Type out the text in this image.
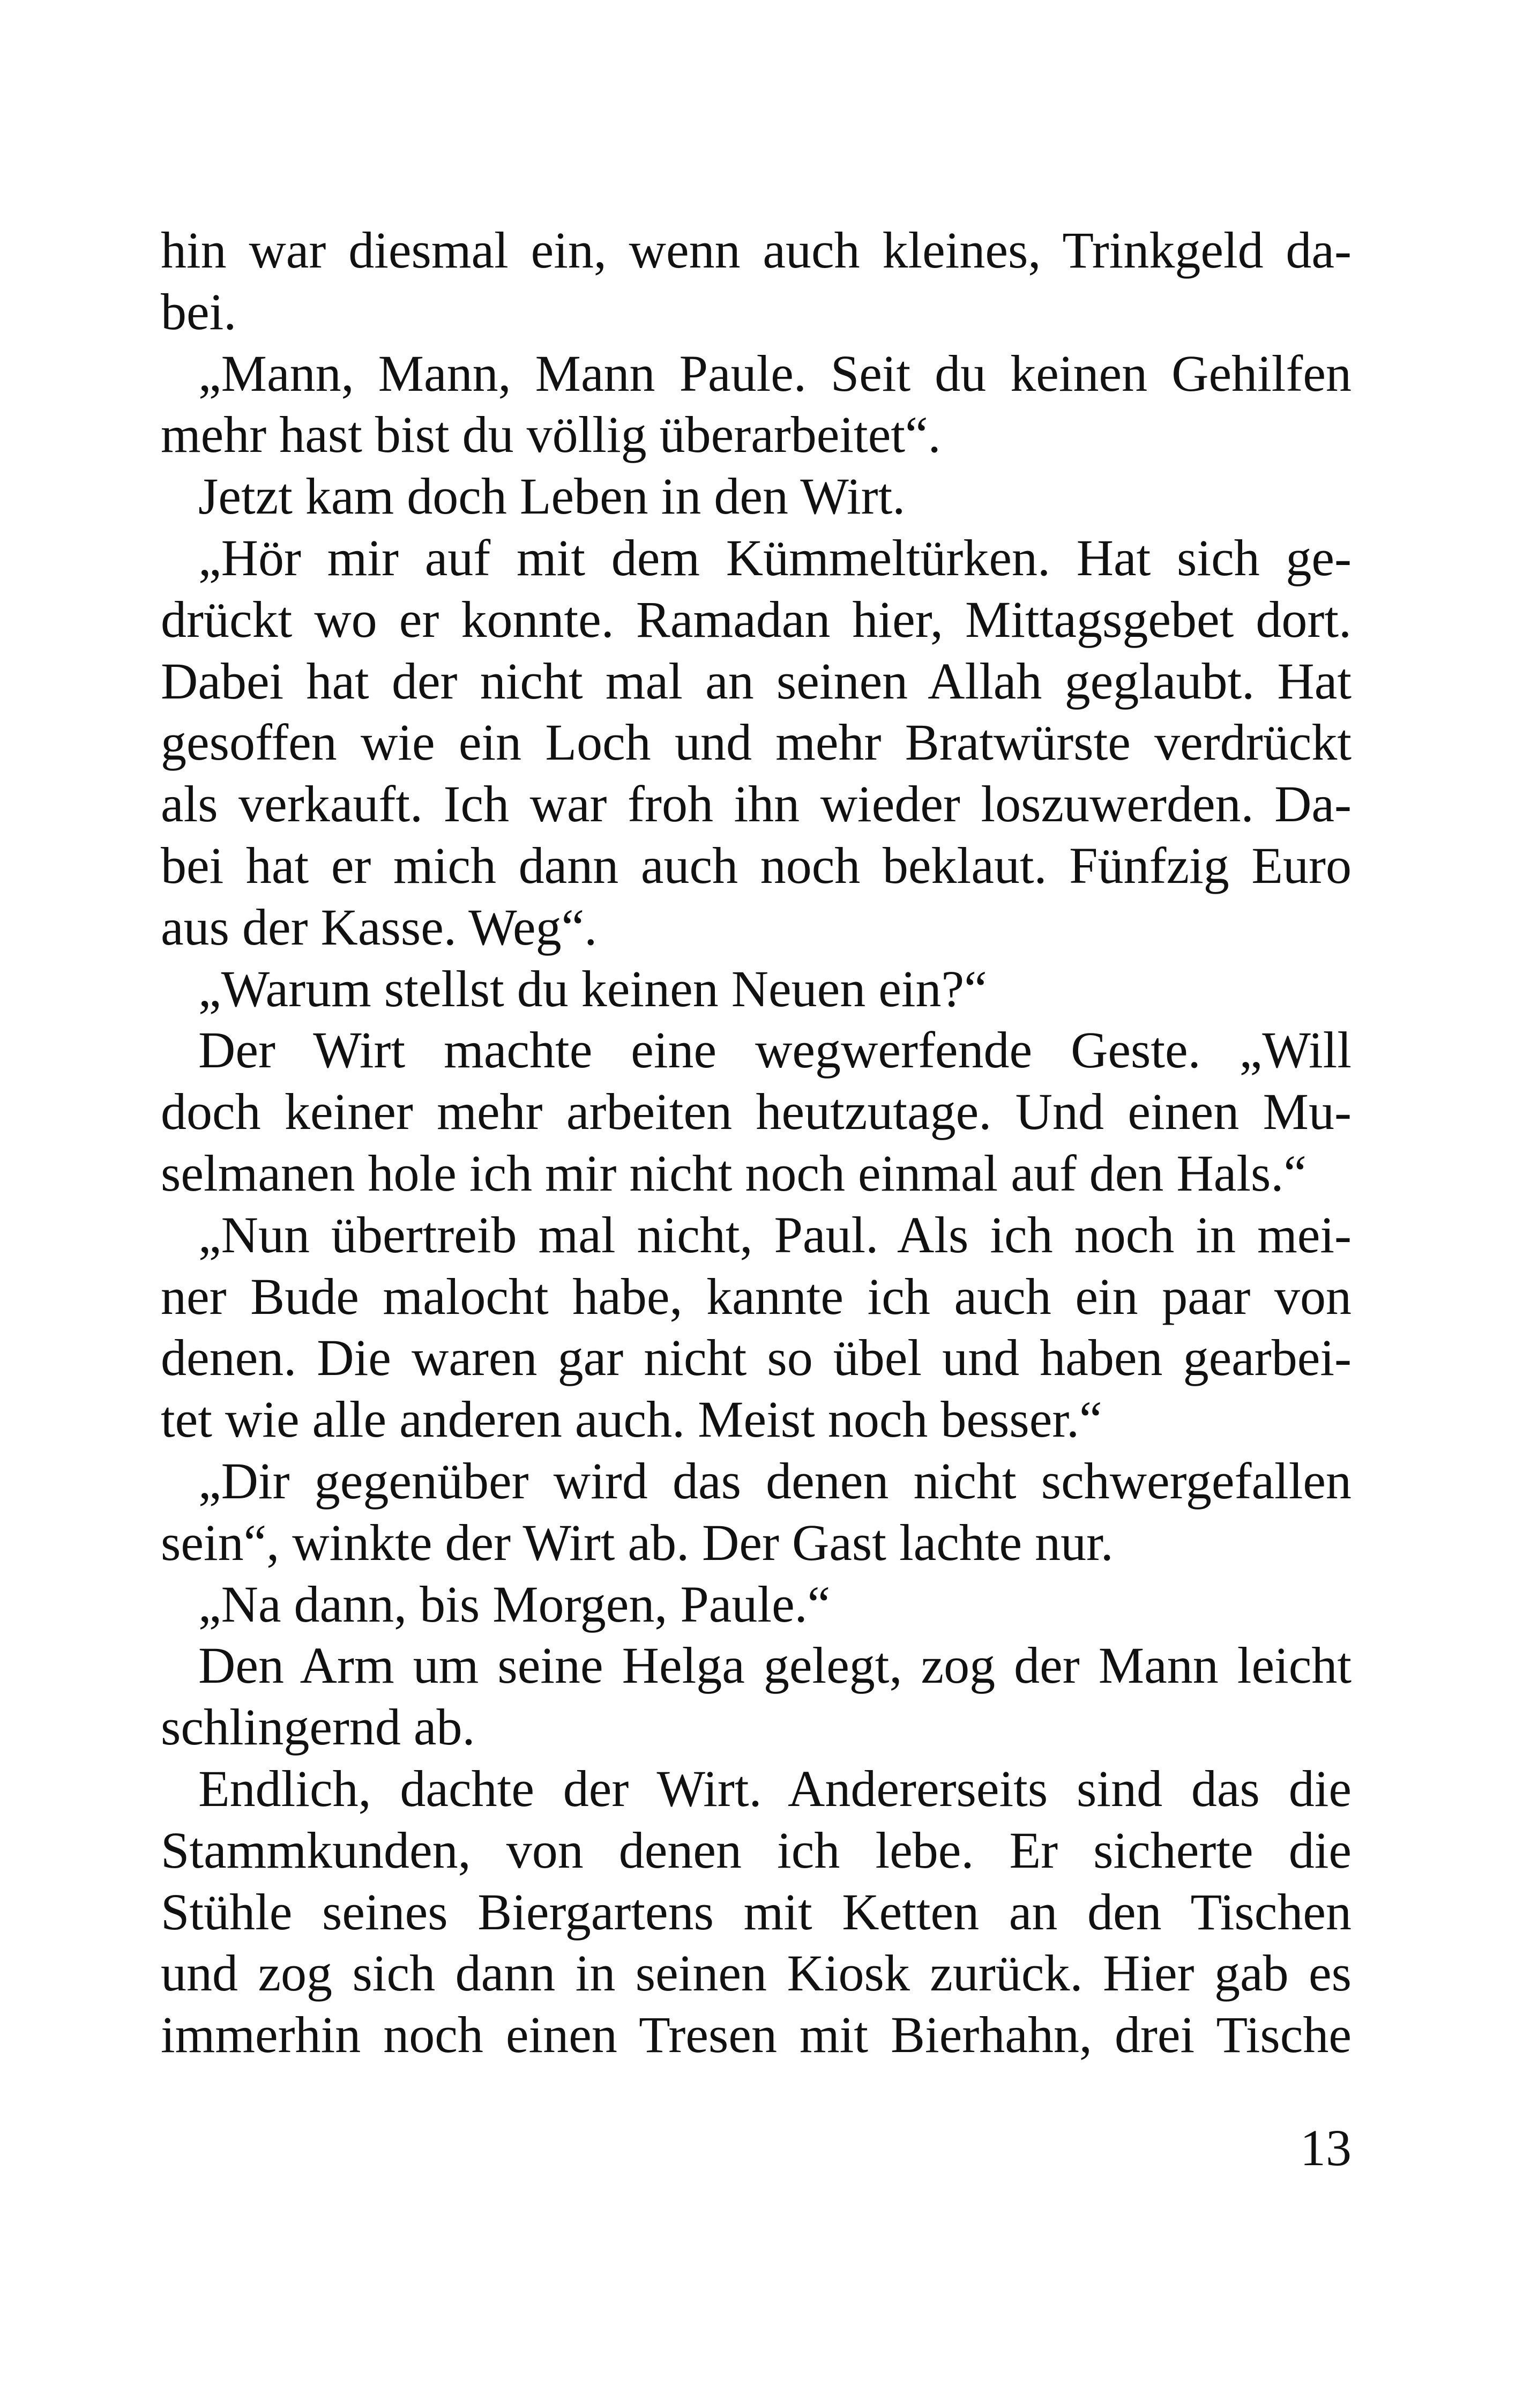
hin war diesmal ein, wenn auch kleines, Trinkgeld da-
bei.
„Mann, Mann, Mann Paule. Seit du keinen Gehilfen
mehr hast bist du völlig überarbeitet“.
Jetzt kam doch Leben in den Wirt.
„Hör mir auf mit dem Kümmeltürken. Hat sich ge-
drückt wo er konnte. Ramadan hier, Mittagsgebet dort.
Dabei hat der nicht mal an seinen Allah geglaubt. Hat
gesoffen wie ein Loch und mehr Bratwürste verdrückt
als verkauft. Ich war froh ihn wieder loszuwerden. Da-
bei hat er mich dann auch noch beklaut. Fünfzig Euro
aus der Kasse. Weg“.
„Warum stellst du keinen Neuen ein?“
Der Wirt machte eine wegwerfende Geste. „Will
doch keiner mehr arbeiten heutzutage. Und einen Mu-
selmanen hole ich mir nicht noch einmal auf den Hals.“
„Nun übertreib mal nicht, Paul. Als ich noch in mei-
ner Bude malocht habe, kannte ich auch ein paar von
denen. Die waren gar nicht so übel und haben gearbei-
tet wie alle anderen auch. Meist noch besser.“
„Dir gegenüber wird das denen nicht schwergefallen
sein“, winkte der Wirt ab. Der Gast lachte nur.
„Na dann, bis Morgen, Paule.“
Den Arm um seine Helga gelegt, zog der Mann leicht
schlingernd ab.
Endlich, dachte der Wirt. Andererseits sind das die
Stammkunden, von denen ich lebe. Er sicherte die
Stühle seines Biergartens mit Ketten an den Tischen
und zog sich dann in seinen Kiosk zurück. Hier gab es
immerhin noch einen Tresen mit Bierhahn, drei Tische
13
